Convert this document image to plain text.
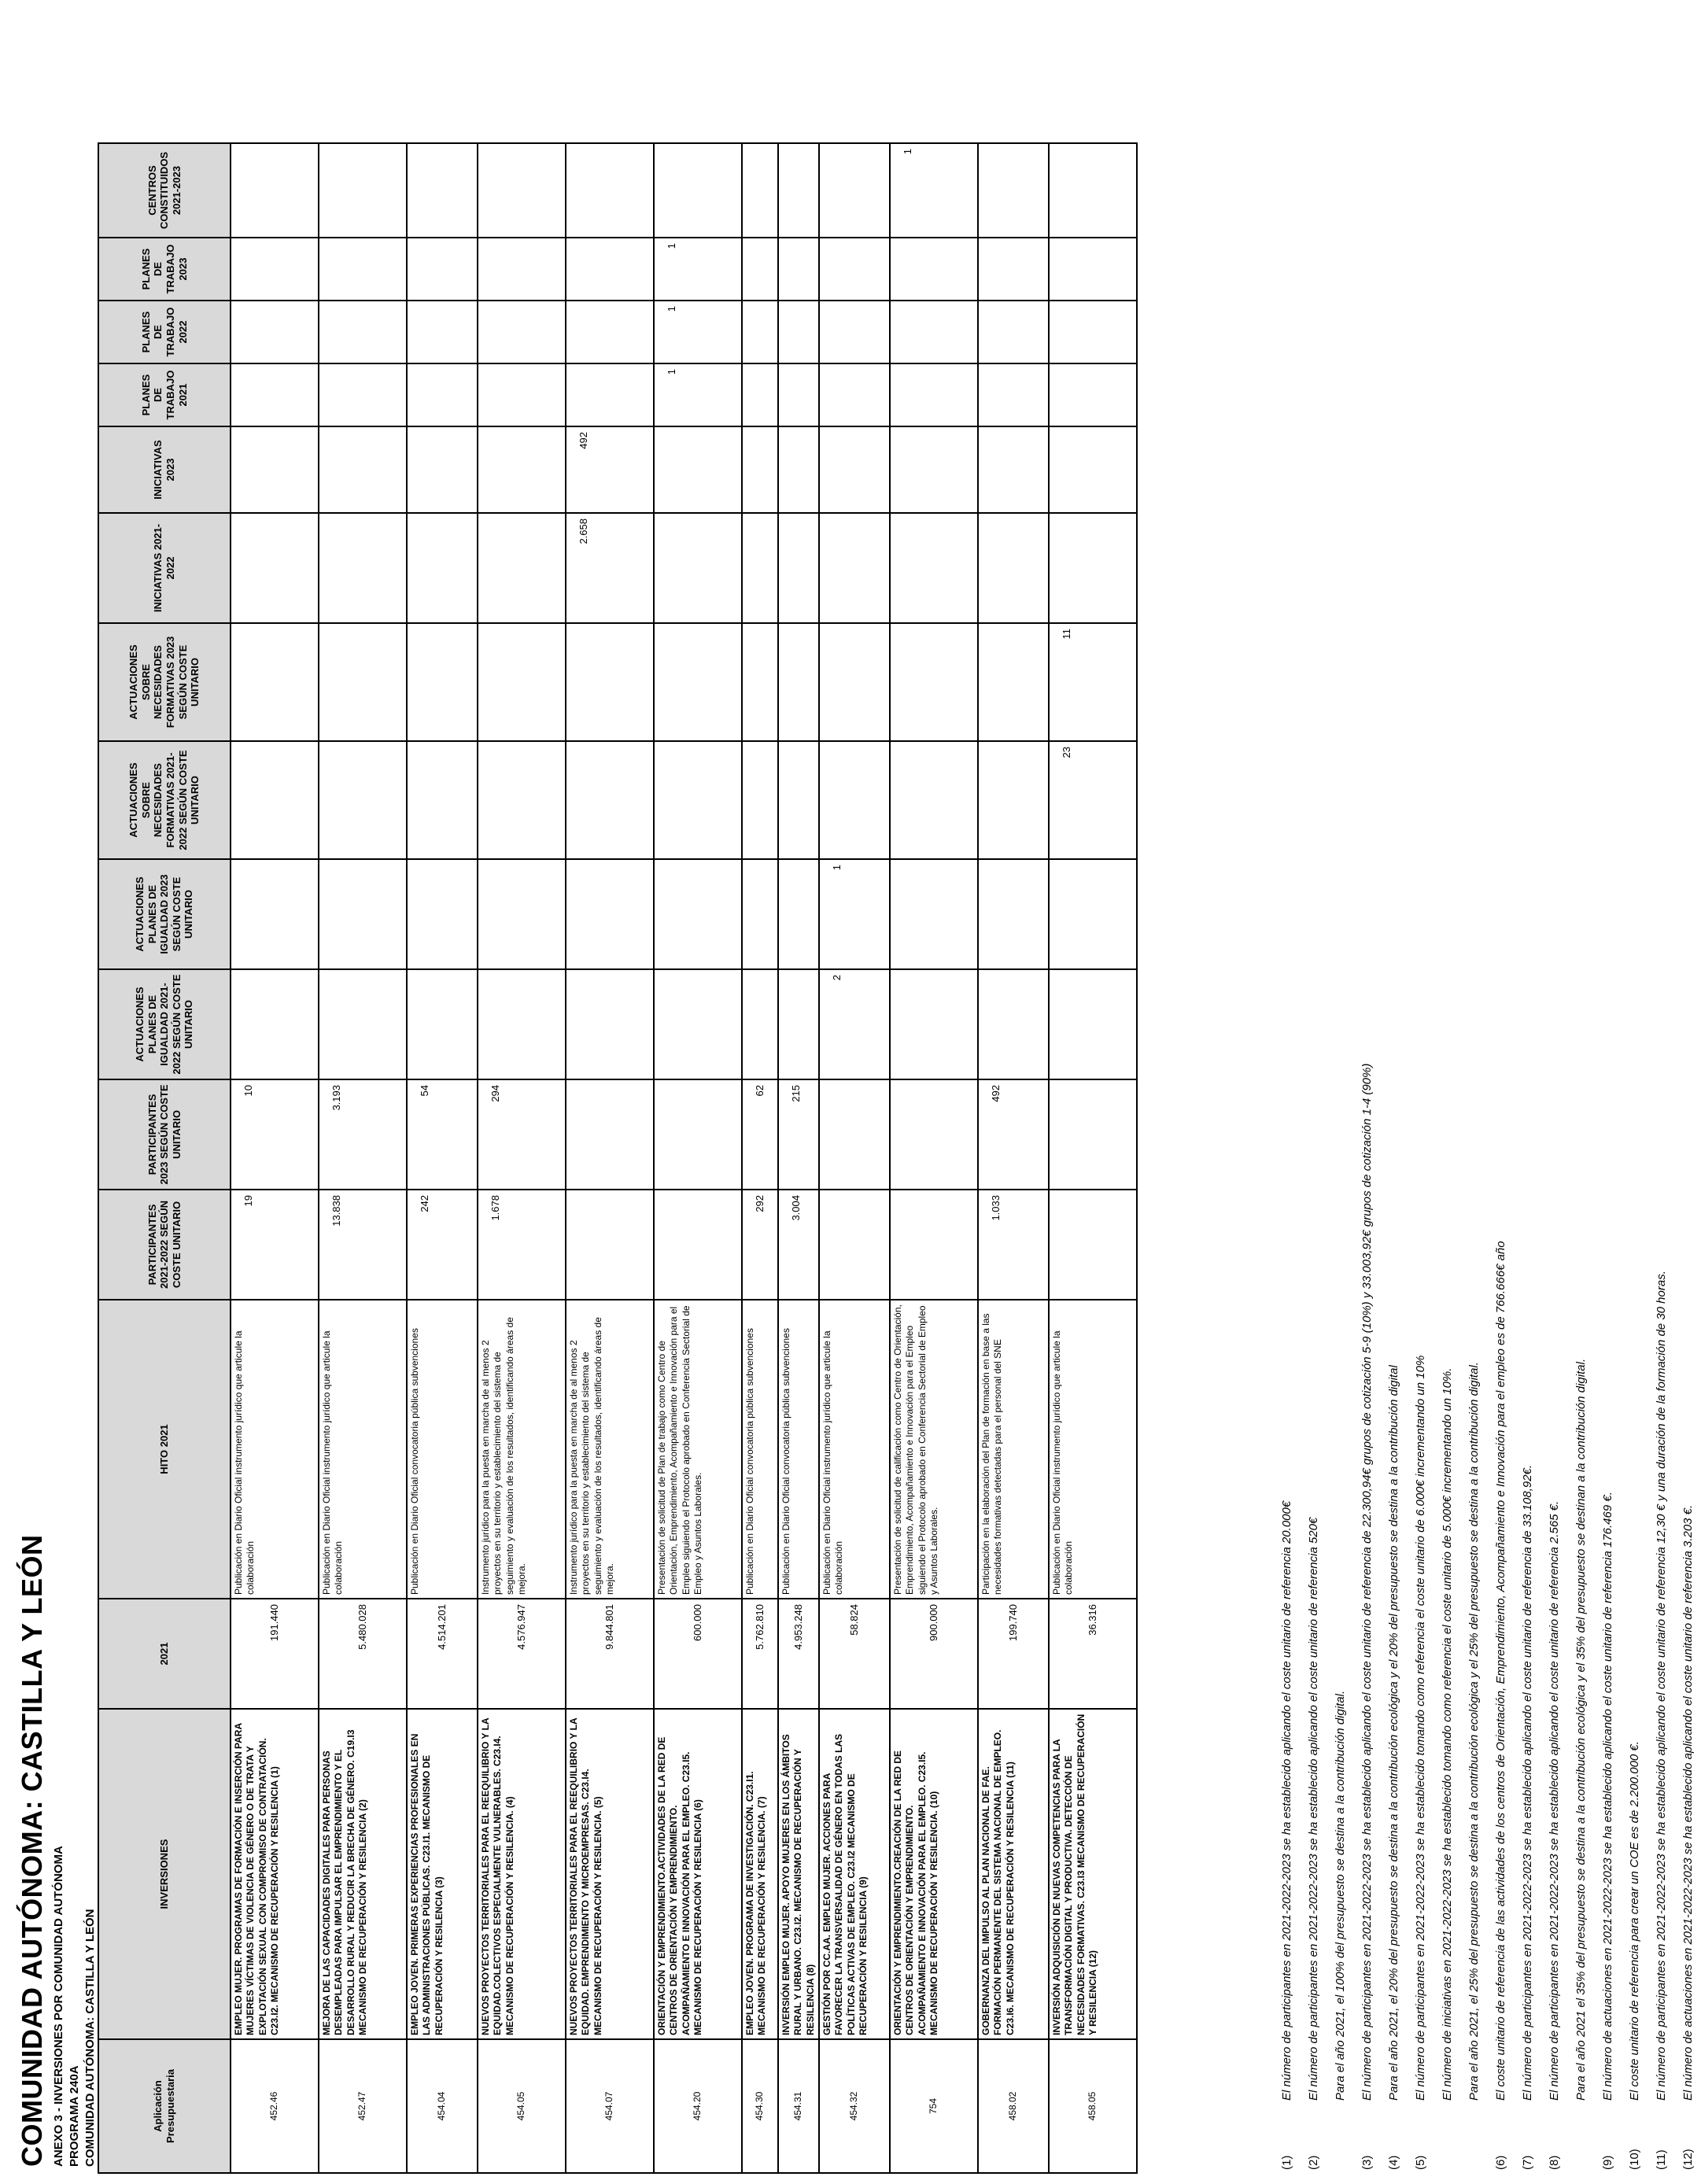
COMUNIDAD AUTÓNOMA: CASTILLA Y LEÓN ANEXO 3 - INVERSIONES POR COMUNIDAD AUTÓNOMA PROGRAMA 240A COMUNIDAD AUTÓNOMA: CASTILLA Y LEÓN	Aplicación Presupuestaria	INVERSIONES	2021	HITO 2021	PARTICIPANTES 2021-2022 SEGÚN COSTE UNITARIO	PARTICIPANTES 2023 SEGÚN COSTE UNITARIO	ACTUACIONES PLANES DE IGUALDAD 2021-2022 SEGÚN COSTE UNITARIO	ACTUACIONES PLANES DE IGUALDAD 2023 SEGÚN COSTE UNITARIO	ACTUACIONES SOBRE NECESIDADES FORMATIVAS 2021-2022 SEGÚN COSTE UNITARIO	ACTUACIONES SOBRE NECESIDADES FORMATIVAS 2023 SEGÚN COSTE UNITARIO	INICIATIVAS 2021-2022	INICIATIVAS 2023	PLANES DE TRABAJO 2021	PLANES DE TRABAJO 2022	PLANES DE TRABAJO 2023	CENTROS CONSTITUIDOS 2021-2023
452.46	EMPLEO MUJER. PROGRAMAS DE FORMACIÓN E INSERCIÓN PARA MUJERES VÍCTIMAS DE VIOLENCIA DE GÉNERO O DE TRATA Y EXPLOTACIÓN SEXUAL CON COMPROMISO DE CONTRATACIÓN. C23.I2. MECANISMO DE RECUPERACIÓN Y RESILENCIA (1)	191.440	Publicación en Diario Oficial instrumento jurídico que articule la colaboración	19	10										
452.47	MEJORA DE LAS CAPACIDADES DIGITALES PARA PERSONAS DESEMPLEADAS PARA IMPULSAR EL EMPRENDIMIENTO Y EL DESARROLLO RURAL Y REDUCIR LA BRECHA DE GÉNERO. C19.I3 MECANISMO DE RECUPERACIÓN Y RESILENCIA (2)	5.480.028	Publicación en Diario Oficial instrumento jurídico que articule la colaboración	13.838	3.193										
454.04	EMPLEO JOVEN. PRIMERAS EXPERIENCIAS PROFESIONALES EN LAS ADMINISTRACIONES PÚBLICAS. C23.I1. MECANISMO DE RECUPERACIÓN Y RESILENCIA (3)	4.514.201	Publicación en Diario Oficial convocatoria pública subvenciones	242	54										
454.05	NUEVOS PROYECTOS TERRITORIALES PARA EL REEQUILIBRIO Y LA EQUIDAD.COLECTIVOS ESPECIALMENTE VULNERABLES. C23.I4. MECANISMO DE RECUPERACIÓN Y RESILENCIA. (4)	4.576.947	Instrumento jurídico para la puesta en marcha de al menos 2 proyectos en su territorio y establecimiento del sistema de seguimiento y evaluación de los resultados, identificando áreas de mejora.	1.678	294										
454.07	NUEVOS PROYECTOS TERRITORIALES PARA EL REEQUILIBRIO Y LA EQUIDAD. EMPRENDIMIENTO Y MICROEMPRESAS. C23.I4. MECANISMO DE RECUPERACIÓN Y RESILENCIA. (5)	9.844.801	Instrumento jurídico para la puesta en marcha de al menos 2 proyectos en su territorio y establecimiento del sistema de seguimiento y evaluación de los resultados, identificando áreas de mejora.							2.658	492				
454.20	ORIENTACIÓN Y EMPRENDIMIENTO.ACTIVIDADES DE LA RED DE CENTROS DE ORIENTACIÓN Y EMPRENDIMIENTO. ACOMPAÑAMIENTO E INNOVACIÓN PARA EL EMPLEO. C23.I5. MECANISMO DE RECUPERACIÓN Y RESILENCIA (6)	600.000	Presentación de solicitud de Plan de trabajo como Centro de Orientación, Emprendimiento, Acompañamiento e Innovación para el Empleo siguiendo el Protocolo aprobado en Conferencia Sectorial de Empleo y Asuntos Laborales.									1	1	1	
454.30	EMPLEO JOVEN. PROGRAMA DE INVESTIGACIÓN. C23.I1. MECANISMO DE RECUPERACIÓN Y RESILENCIA. (7)	5.762.810	Publicación en Diario Oficial convocatoria pública subvenciones	292	62										
454.31	INVERSIÓN EMPLEO MUJER. APOYO MUJERES EN LOS ÁMBITOS RURAL Y URBANO. C23.I2. MECANISMO DE RECUPERACIÓN Y RESILENCIA (8)	4.953.248	Publicación en Diario Oficial convocatoria pública subvenciones	3.004	215										
454.32	GESTIÓN POR CC.AA. EMPLEO MUJER. ACCIONES PARA FAVORECER LA TRANSVERSALIDAD DE GÉNERO EN TODAS LAS POLÍTICAS ACTIVAS DE EMPLEO. C23.I2 MECANISMO DE RECUPERACIÓN Y RESILENCIA (9)	58.824	Publicación en Diario Oficial instrumento jurídico que articule la colaboración			2	1								
754	ORIENTACIÓN Y EMPRENDIMIENTO.CREACIÓN DE LA RED DE CENTROS DE ORIENTACIÓN Y EMPRENDIMIENTO. ACOMPAÑAMIENTO E INNOVACIÓN PARA EL EMPLEO. C23.I5. MECANISMO DE RECUPERACIÓN Y RESILENCIA. (10)	900.000	Presentación de solicitud de calificación como Centro de Orientación, Emprendimiento, Acompañamiento e Innovación para el Empleo siguiendo el Protocolo aprobado en Conferencia Sectorial de Empleo y Asuntos Laborales.												1
458.02	GOBERNANZA DEL IMPULSO AL PLAN NACIONAL DE FAE. FORMACIÓN PERMANENTE DEL SISTEMA NACIONAL DE EMPLEO. C23.I6. MECANISMO DE RECUPERACIÓN Y RESILENCIA (11)	199.740	Participación en la elaboración del Plan de formación en base a las necesidades formativas detectadas para el personal del SNE	1.033	492										
458.05	INVERSIÓN ADQUISICIÓN DE NUEVAS COMPETENCIAS PARA LA TRANSFORMACIÓN DIGITAL Y PRODUCTIVA. DETECCIÓN DE NECESIDADES FORMATIVAS. C23.I3 MECANISMO DE RECUPERACIÓN Y RESILENCIA (12)	36.316	Publicación en Diario Oficial instrumento jurídico que articule la colaboración					23	11						
(1)
El número de participantes en 2021-2022-2023 se ha establecido aplicando el coste unitario de referencia 20.000€
(2)
El número de participantes en 2021-2022-2023 se ha establecido aplicando el coste unitario de referencia 520€ Para el año 2021, el 100% del presupuesto se destina a la contribución digital.
(3)
El número de participantes en 2021-2022-2023 se ha establecido aplicando el coste unitario de referencia de 22.300,94€ grupos de cotización 5-9 (10%) y 33.003,92€ grupos de cotización 1-4 (90%)
(4)
Para el año 2021, el 20% del presupuesto se destina a la contribución ecológica y el 20% del presupuesto se destina a la contribución digital
(5)
El número de participantes en 2021-2022-2023 se ha establecido tomando como referencia el coste unitario de 6.000€ incrementando un 10% El número de iniciativas en 2021-2022-2023 se ha establecido tomando como referencia el coste unitario de 5.000€ incrementando un 10%. Para el año 2021, el 25% del presupuesto se destina a la contribución ecológica y el 25% del presupuesto se destina a la contribución digital.
(6)
El coste unitario de referencia de las actividades de los centros de Orientación, Emprendimiento, Acompañamiento e Innovación para el empleo es de 766.666€ año
(7)
El número de participantes en 2021-2022-2023 se ha establecido aplicando el coste unitario de referencia de 33.108,92€.
(8)
El número de participantes en 2021-2022-2023 se ha establecido aplicando el coste unitario de referencia 2.565 €. Para el año 2021 el 35% del presupuesto se destina a la contribución ecológica y el 35% del presupuesto se destinan a la contribución digital.
(9)
El número de actuaciones en 2021-2022-2023 se ha establecido aplicando el coste unitario de referencia 176.469 €.
(10)
El coste unitario de referencia para crear un COE es de 2.200.000 €.
(11)
El número de participantes en 2021-2022-2023 se ha establecido aplicando el coste unitario de referencia 12,30 € y una duración de la formación de 30 horas.
(12)
El número de actuaciones en 2021-2022-2023 se ha establecido aplicando el coste unitario de referencia 3.203 €.
